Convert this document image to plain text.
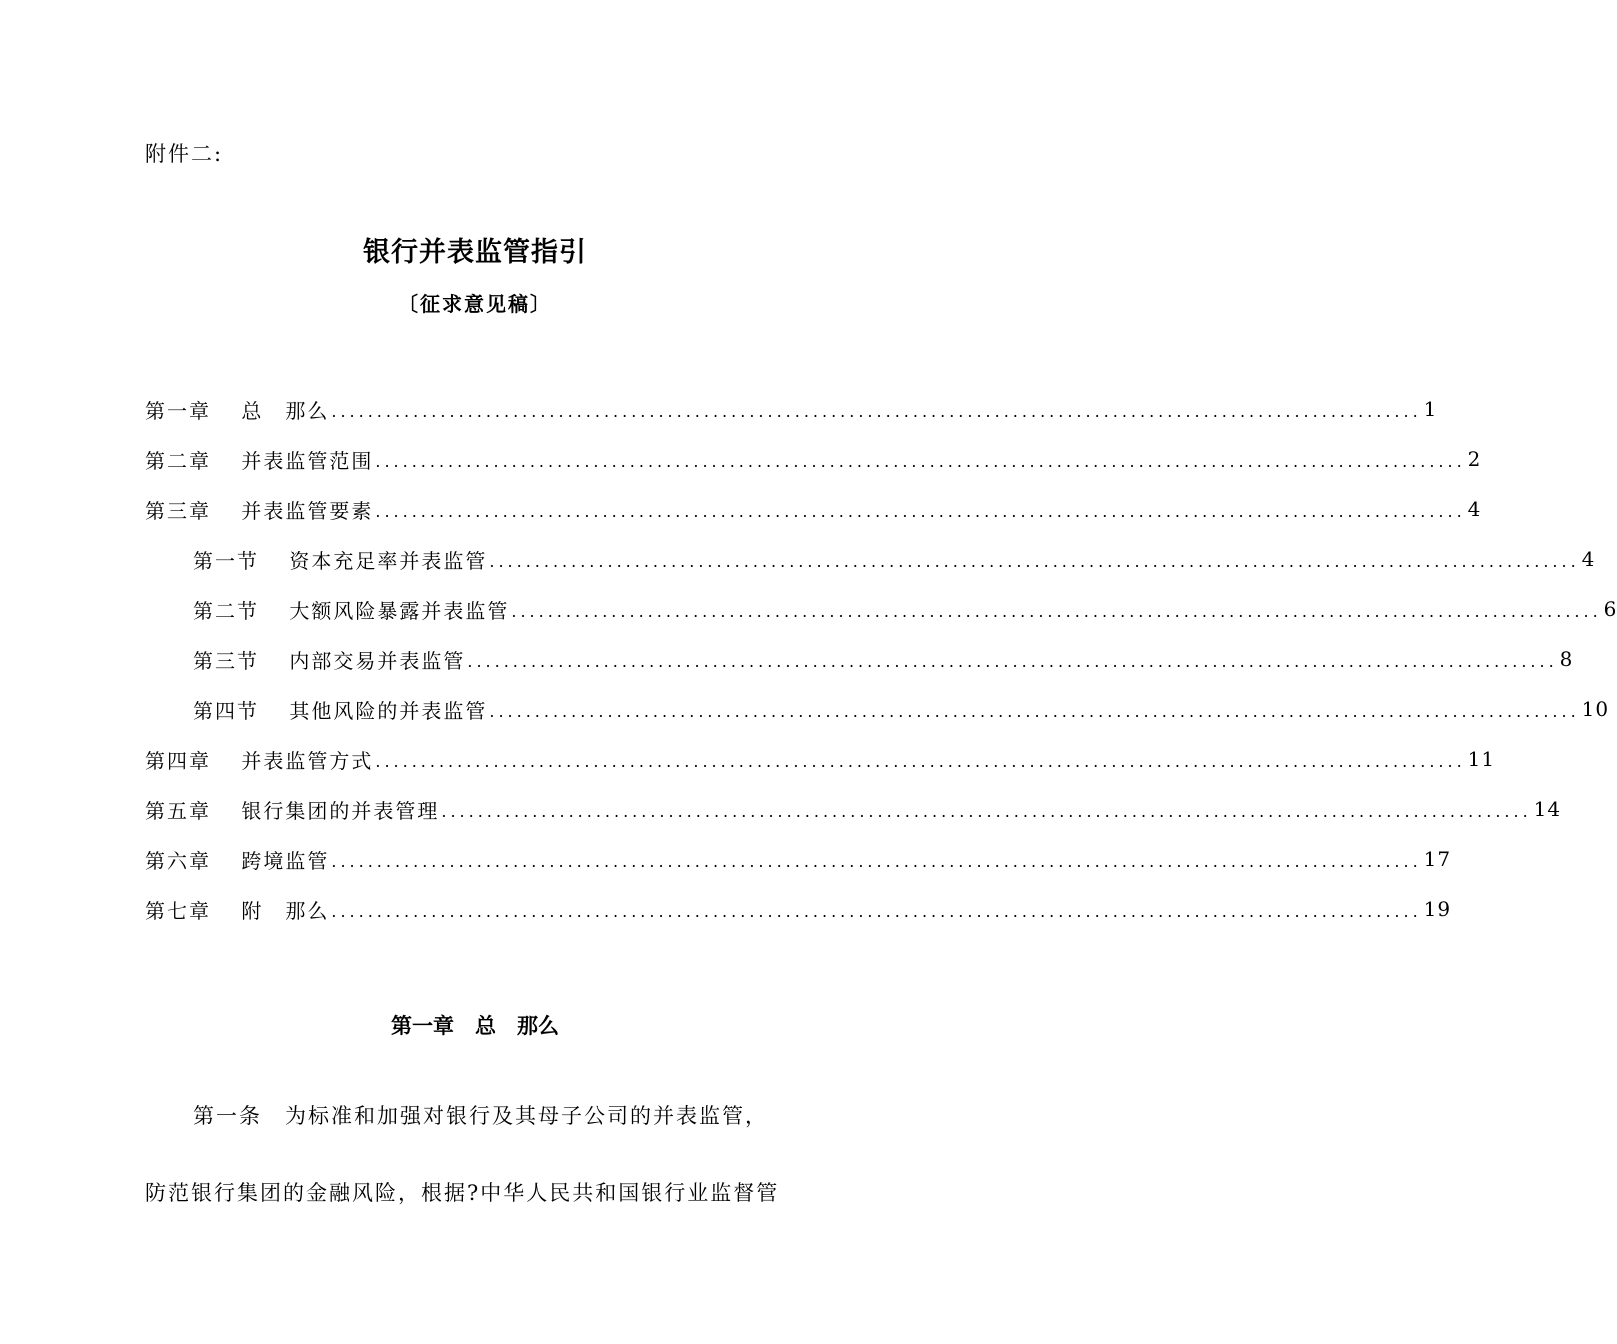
附件二:
银行并表监管指引
〔征求意见稿〕
第一章　 总　那么 ........................................................................................................................ 1
第二章　 并表监管范围 ........................................................................................................................ 2
第三章　 并表监管要素 ........................................................................................................................ 4
第一节　 资本充足率并表监管 ........................................................................................................................ 4
第二节　 大额风险暴露并表监管 ........................................................................................................................ 6
第三节　 内部交易并表监管 ........................................................................................................................ 8
第四节　 其他风险的并表监管 ........................................................................................................................ 10
第四章　 并表监管方式 ........................................................................................................................ 11
第五章　 银行集团的并表管理 ........................................................................................................................ 14
第六章　 跨境监管 ........................................................................................................................ 17
第七章　 附　那么 ........................................................................................................................ 19
第一章　总　那么
第一条　为标准和加强对银行及其母子公司的并表监管，
防范银行集团的金融风险，根据?中华人民共和国银行业监督管
